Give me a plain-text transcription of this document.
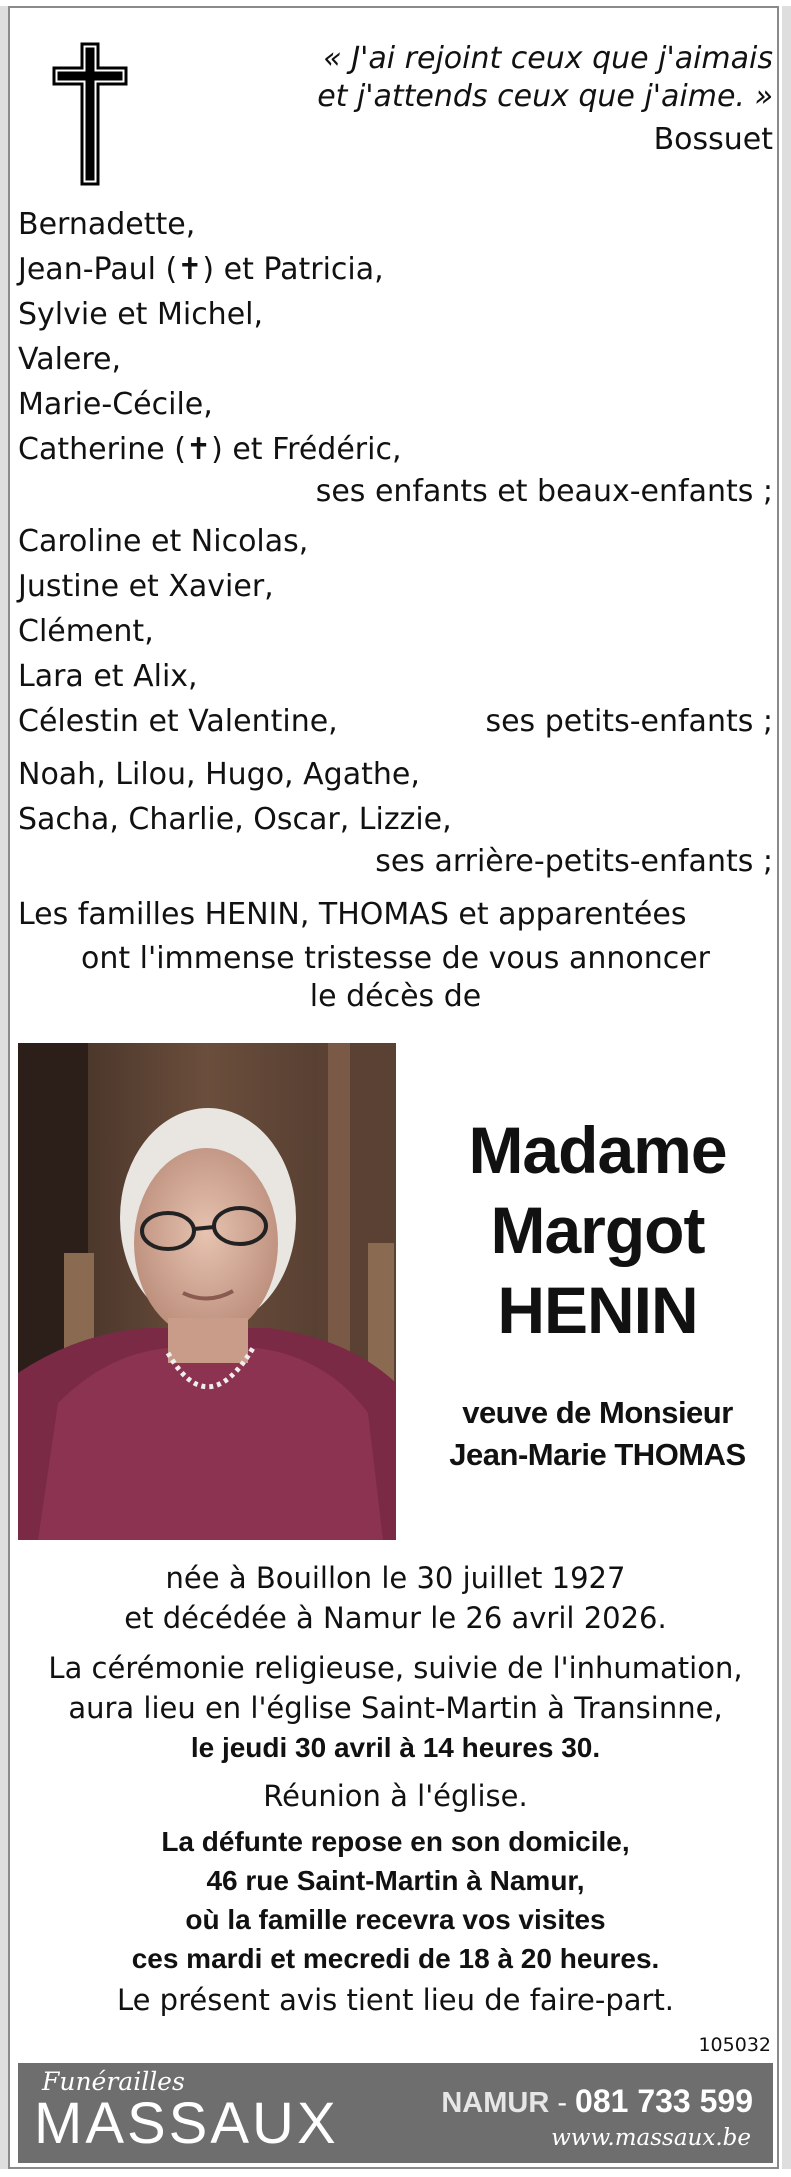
« J'ai rejoint ceux que j'aimais
et j'attends ceux que j'aime. »
Bossuet
Bernadette,
Jean-Paul (✝) et Patricia,
Sylvie et Michel,
Valere,
Marie-Cécile,
Catherine (✝) et Frédéric,
ses enfants et beaux-enfants ;
Caroline et Nicolas,
Justine et Xavier,
Clément,
Lara et Alix,
Célestin et Valentine,	ses petits-enfants ;
Noah, Lilou, Hugo, Agathe,
Sacha, Charlie, Oscar, Lizzie,
ses arrière-petits-enfants ;
Les familles HENIN, THOMAS et apparentées
ont l'immense tristesse de vous annoncer
le décès de
Madame
Margot
HENIN
veuve de Monsieur
Jean-Marie THOMAS
née à Bouillon le 30 juillet 1927
et décédée à Namur le 26 avril 2026.
La cérémonie religieuse, suivie de l'inhumation,
aura lieu en l'église Saint-Martin à Transinne,
le jeudi 30 avril à 14 heures 30.
Réunion à l'église.
La défunte repose en son domicile,
46 rue Saint-Martin à Namur,
où la famille recevra vos visites
ces mardi et mecredi de 18 à 20 heures.
Le présent avis tient lieu de faire-part.
105032
Funérailles
MASSAUX	NAMUR - 081 733 599
www.massaux.be
